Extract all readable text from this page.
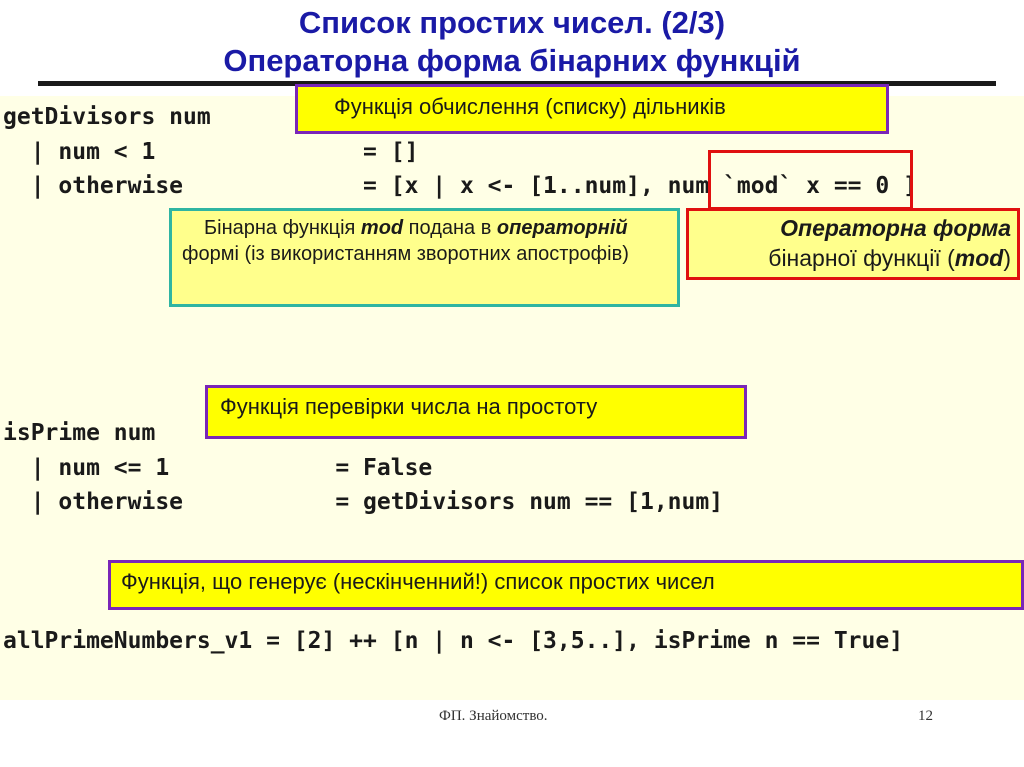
Список простих чисел. (2/3)
Операторна форма бінарних функцій
getDivisors num
| num < 1               = []
| otherwise             = [x | x <- [1..num], num `mod` x == 0 ]
Функція обчислення (списку) дільників
Бінарна функція mod подана в операторній формі (із використанням зворотних апострофів)
Операторна форма
бінарної функції (mod)
Функція перевірки числа на простоту
isPrime num
| num <= 1            = False
| otherwise           = getDivisors num == [1,num]
Функція, що генерує (нескінченний!) список простих чисел
allPrimeNumbers_v1 = [2] ++ [n | n <- [3,5..], isPrime n == True]
ФП. Знайомство.	12
